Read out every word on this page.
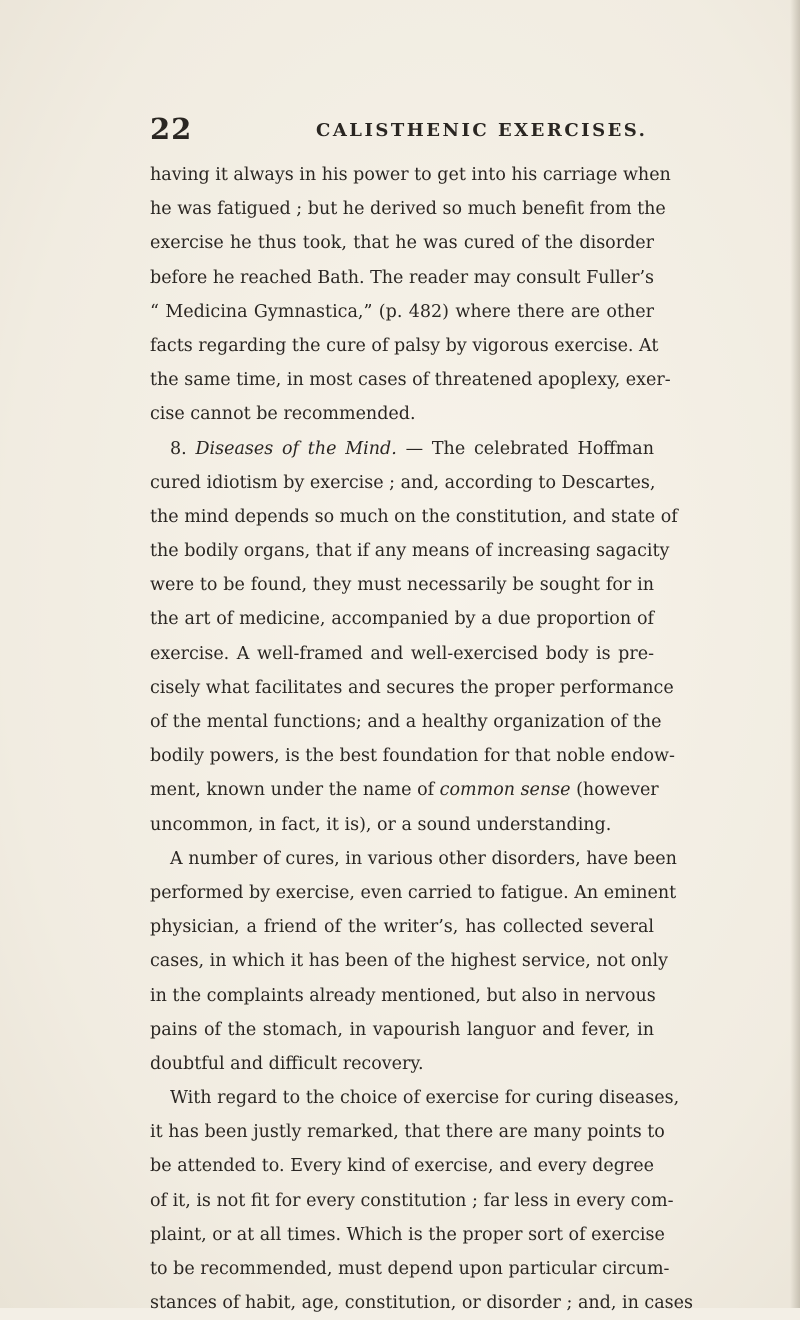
22	CALISTHENIC EXERCISES.
having it always in his power to get into his carriage when
he was fatigued ; but he derived so much benefit from the
exercise he thus took, that he was cured of the disorder
before he reached Bath. The reader may consult Fuller’s
“ Medicina Gymnastica,” (p. 482) where there are other
facts regarding the cure of palsy by vigorous exercise. At
the same time, in most cases of threatened apoplexy, exer-
cise cannot be recommended.
8. Diseases of the Mind. — The celebrated Hoffman
cured idiotism by exercise ; and, according to Descartes,
the mind depends so much on the constitution, and state of
the bodily organs, that if any means of increasing sagacity
were to be found, they must necessarily be sought for in
the art of medicine, accompanied by a due proportion of
exercise. A well-framed and well-exercised body is pre-
cisely what facilitates and secures the proper performance
of the mental functions; and a healthy organization of the
bodily powers, is the best foundation for that noble endow-
ment, known under the name of common sense (however
uncommon, in fact, it is), or a sound understanding.
A number of cures, in various other disorders, have been
performed by exercise, even carried to fatigue. An eminent
physician, a friend of the writer’s, has collected several
cases, in which it has been of the highest service, not only
in the complaints already mentioned, but also in nervous
pains of the stomach, in vapourish languor and fever, in
doubtful and difficult recovery.
With regard to the choice of exercise for curing diseases,
it has been justly remarked, that there are many points to
be attended to. Every kind of exercise, and every degree
of it, is not fit for every constitution ; far less in every com-
plaint, or at all times. Which is the proper sort of exercise
to be recommended, must depend upon particular circum-
stances of habit, age, constitution, or disorder ; and, in cases
